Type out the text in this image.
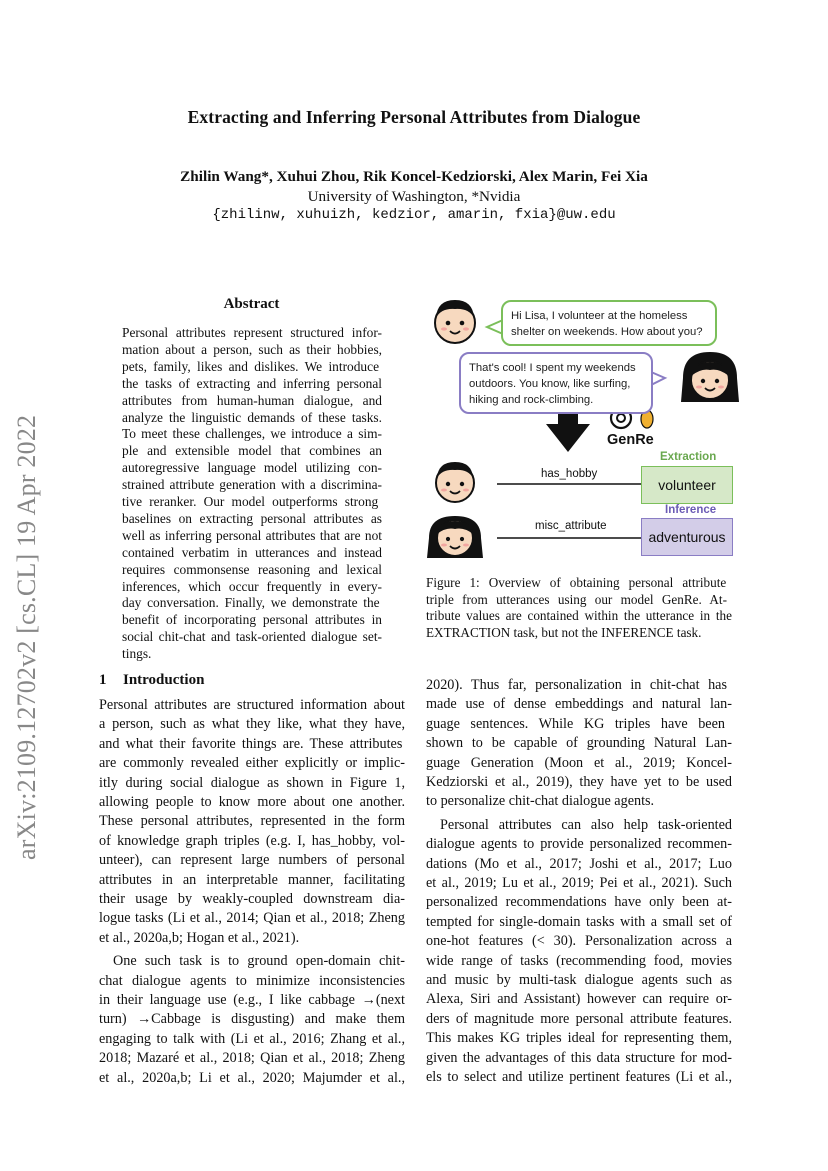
Extracting and Inferring Personal Attributes from Dialogue
Zhilin Wang*, Xuhui Zhou, Rik Koncel-Kedziorski, Alex Marin, Fei Xia
University of Washington, *Nvidia
{zhilinw, xuhuizh, kedzior, amarin, fxia}@uw.edu
arXiv:2109.12702v2 [cs.CL] 19 Apr 2022
Abstract
Personal attributes represent structured infor-
mation about a person, such as their hobbies,
pets, family, likes and dislikes. We introduce
the tasks of extracting and inferring personal
attributes from human-human dialogue, and
analyze the linguistic demands of these tasks.
To meet these challenges, we introduce a sim-
ple and extensible model that combines an
autoregressive language model utilizing con-
strained attribute generation with a discrimina-
tive reranker. Our model outperforms strong
baselines on extracting personal attributes as
well as inferring personal attributes that are not
contained verbatim in utterances and instead
requires commonsense reasoning and lexical
inferences, which occur frequently in every-
day conversation. Finally, we demonstrate the
benefit of incorporating personal attributes in
social chit-chat and task-oriented dialogue set-
tings.
1 Introduction
Personal attributes are structured information about
a person, such as what they like, what they have,
and what their favorite things are. These attributes
are commonly revealed either explicitly or implic-
itly during social dialogue as shown in Figure 1,
allowing people to know more about one another.
These personal attributes, represented in the form
of knowledge graph triples (e.g. I, has_hobby, vol-
unteer), can represent large numbers of personal
attributes in an interpretable manner, facilitating
their usage by weakly-coupled downstream dia-
logue tasks (Li et al., 2014; Qian et al., 2018; Zheng
et al., 2020a,b; Hogan et al., 2021).
One such task is to ground open-domain chit-
chat dialogue agents to minimize inconsistencies
in their language use (e.g., I like cabbage →(next
turn) →Cabbage is disgusting) and make them
engaging to talk with (Li et al., 2016; Zhang et al.,
2018; Mazaré et al., 2018; Qian et al., 2018; Zheng
et al., 2020a,b; Li et al., 2020; Majumder et al.,
2020). Thus far, personalization in chit-chat has
made use of dense embeddings and natural lan-
guage sentences. While KG triples have been
shown to be capable of grounding Natural Lan-
guage Generation (Moon et al., 2019; Koncel-
Kedziorski et al., 2019), they have yet to be used
to personalize chit-chat dialogue agents.
Personal attributes can also help task-oriented
dialogue agents to provide personalized recommen-
dations (Mo et al., 2017; Joshi et al., 2017; Luo
et al., 2019; Lu et al., 2019; Pei et al., 2021). Such
personalized recommendations have only been at-
tempted for single-domain tasks with a small set of
one-hot features (< 30). Personalization across a
wide range of tasks (recommending food, movies
and music by multi-task dialogue agents such as
Alexa, Siri and Assistant) however can require or-
ders of magnitude more personal attribute features.
This makes KG triples ideal for representing them,
given the advantages of this data structure for mod-
els to select and utilize pertinent features (Li et al.,
Hi Lisa, I volunteer at the homeless shelter on weekends. How about you?
That's cool! I spent my weekends outdoors. You know, like surfing, hiking and rock-climbing.
GenRe
Extraction
has_hobby
volunteer
Inference
misc_attribute
adventurous
Figure 1: Overview of obtaining personal attribute
triple from utterances using our model GenRe. At-
tribute values are contained within the utterance in the
EXTRACTION task, but not the INFERENCE task.
